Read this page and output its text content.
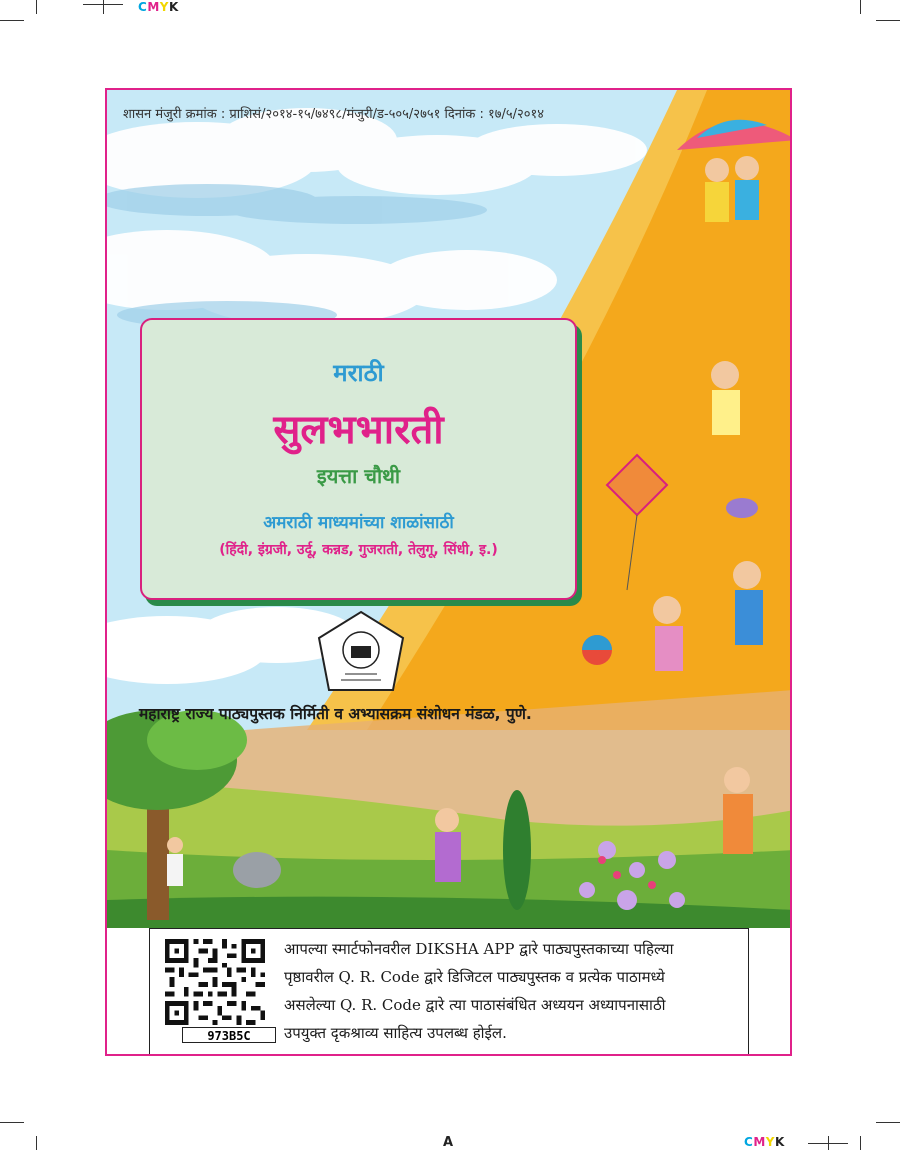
CMYK
CMYK
A
शासन मंजुरी क्रमांक : प्राशिसं/२०१४-१५/७४९८/मंजुरी/ड-५०५/२७५१ दिनांक : १७/५/२०१४
मराठी
सुलभभारती
इयत्ता चौथी
अमराठी माध्यमांच्या शाळांसाठी
(हिंदी, इंग्रजी, उर्दू, कन्नड, गुजराती, तेलुगू, सिंधी, इ.)
महाराष्ट्र राज्य पाठ्यपुस्तक निर्मिती व अभ्यासक्रम संशोधन मंडळ, पुणे.
973B5C
आपल्या स्मार्टफोनवरील DIKSHA APP द्वारे पाठ्यपुस्तकाच्या पहिल्या
पृष्ठावरील Q. R. Code द्वारे डिजिटल पाठ्यपुस्तक व प्रत्येक पाठामध्ये
असलेल्या Q. R. Code द्वारे त्या पाठासंबंधित अध्ययन अध्यापनासाठी
उपयुक्त दृकश्राव्य साहित्य उपलब्ध होईल.
